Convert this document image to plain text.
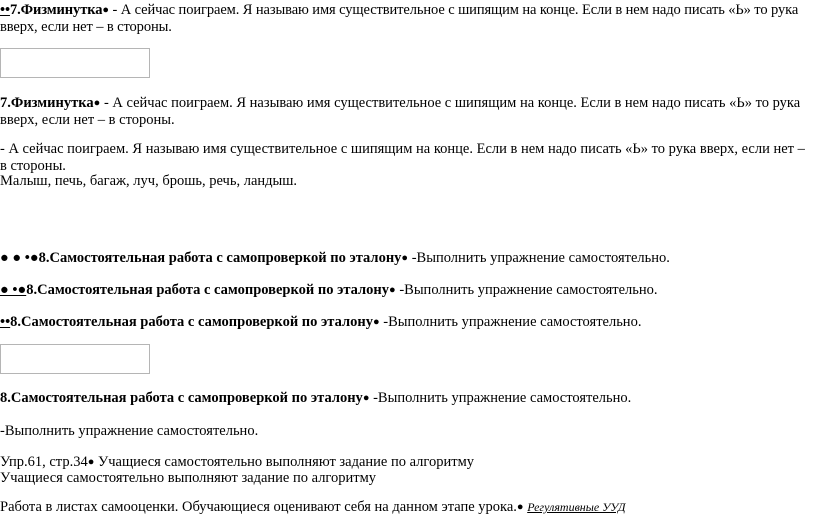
••7.Физминутка● - А сейчас поиграем. Я называю имя существительное с шипящим на конце. Если в нем надо писать «Ь» то рука вверх, если нет – в стороны.
7.Физминутка● - А сейчас поиграем. Я называю имя существительное с шипящим на конце. Если в нем надо писать «Ь» то рука вверх, если нет – в стороны.
- А сейчас поиграем. Я называю имя существительное с шипящим на конце. Если в нем надо писать «Ь» то рука вверх, если нет – в стороны.
Малыш, печь, багаж, луч, брошь, речь, ландыш.
● ● •●8.Самостоятельная работа с самопроверкой по эталону● -Выполнить упражнение самостоятельно.
● •●8.Самостоятельная работа с самопроверкой по эталону● -Выполнить упражнение самостоятельно.
••8.Самостоятельная работа с самопроверкой по эталону● -Выполнить упражнение самостоятельно.
8.Самостоятельная работа с самопроверкой по эталону● -Выполнить упражнение самостоятельно.
-Выполнить упражнение самостоятельно.
Упр.61, стр.34● Учащиеся самостоятельно выполняют задание по алгоритму
Учащиеся самостоятельно выполняют задание по алгоритму
Работа в листах самооценки. Обучающиеся оценивают себя на данном этапе урока.● Регулятивные УУД
